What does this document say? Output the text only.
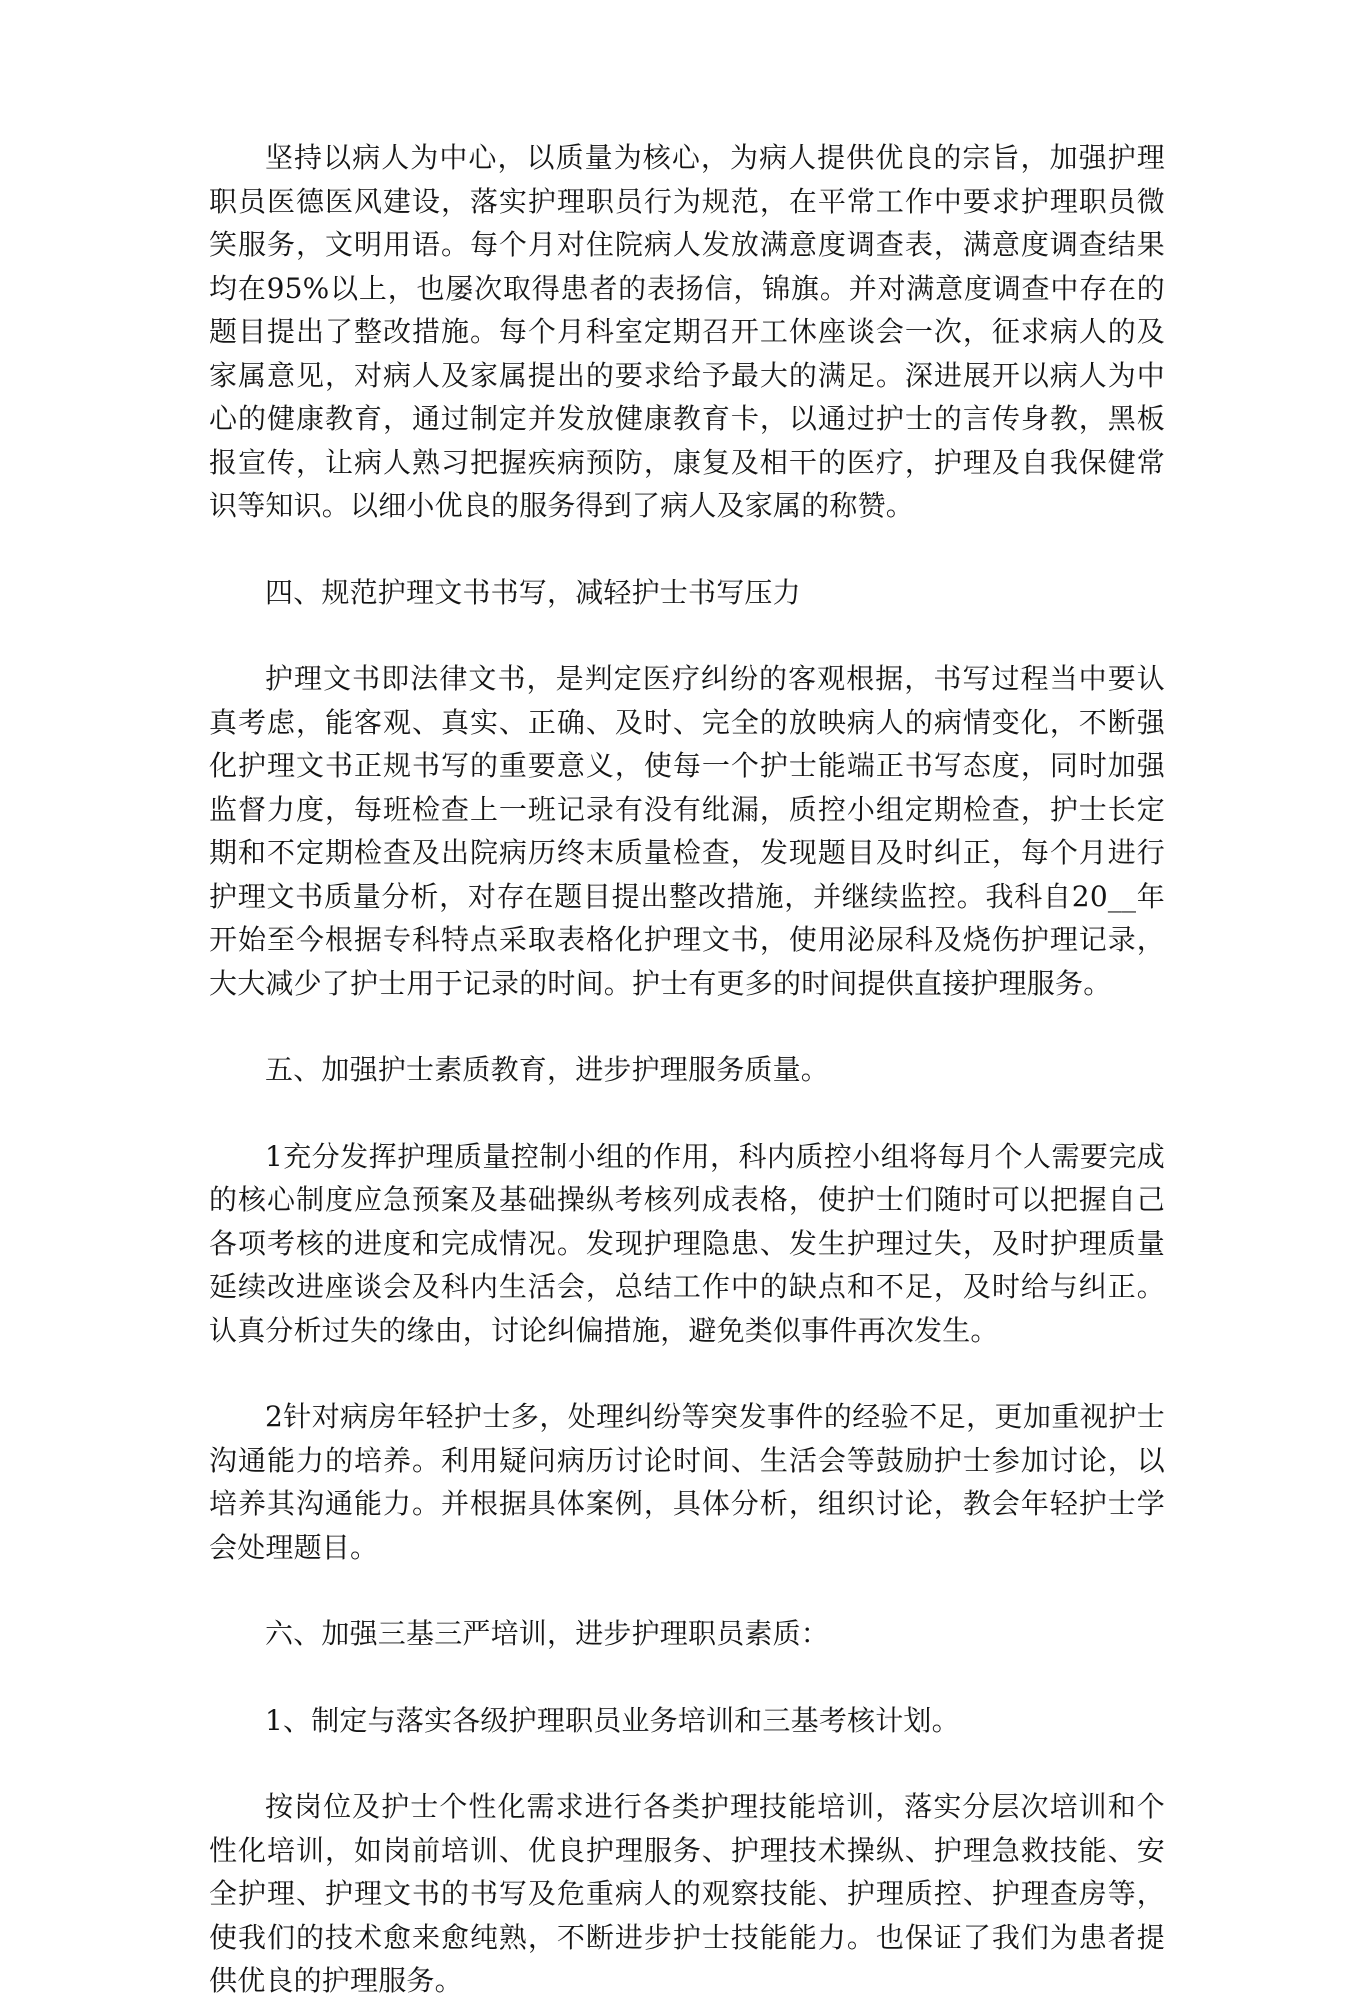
坚持以病人为中心，以质量为核心，为病人提供优良的宗旨，加强护理职员医德医风建设，落实护理职员行为规范，在平常工作中要求护理职员微笑服务，文明用语。每个月对住院病人发放满意度调查表，满意度调查结果均在95%以上，也屡次取得患者的表扬信，锦旗。并对满意度调查中存在的题目提出了整改措施。每个月科室定期召开工休座谈会一次，征求病人的及家属意见，对病人及家属提出的要求给予最大的满足。深进展开以病人为中心的健康教育，通过制定并发放健康教育卡，以通过护士的言传身教，黑板报宣传，让病人熟习把握疾病预防，康复及相干的医疗，护理及自我保健常识等知识。以细小优良的服务得到了病人及家属的称赞。

四、规范护理文书书写，减轻护士书写压力

护理文书即法律文书，是判定医疗纠纷的客观根据，书写过程当中要认真考虑，能客观、真实、正确、及时、完全的放映病人的病情变化，不断强化护理文书正规书写的重要意义，使每一个护士能端正书写态度，同时加强监督力度，每班检查上一班记录有没有纰漏，质控小组定期检查，护士长定期和不定期检查及出院病历终末质量检查，发现题目及时纠正，每个月进行护理文书质量分析，对存在题目提出整改措施，并继续监控。我科自20__年开始至今根据专科特点采取表格化护理文书，使用泌尿科及烧伤护理记录，大大减少了护士用于记录的时间。护士有更多的时间提供直接护理服务。

五、加强护士素质教育，进步护理服务质量。

1充分发挥护理质量控制小组的作用，科内质控小组将每月个人需要完成的核心制度应急预案及基础操纵考核列成表格，使护士们随时可以把握自己各项考核的进度和完成情况。发现护理隐患、发生护理过失，及时护理质量延续改进座谈会及科内生活会，总结工作中的缺点和不足，及时给与纠正。认真分析过失的缘由，讨论纠偏措施，避免类似事件再次发生。

2针对病房年轻护士多，处理纠纷等突发事件的经验不足，更加重视护士沟通能力的培养。利用疑问病历讨论时间、生活会等鼓励护士参加讨论，以培养其沟通能力。并根据具体案例，具体分析，组织讨论，教会年轻护士学会处理题目。

六、加强三基三严培训，进步护理职员素质：

1、制定与落实各级护理职员业务培训和三基考核计划。

按岗位及护士个性化需求进行各类护理技能培训，落实分层次培训和个性化培训，如岗前培训、优良护理服务、护理技术操纵、护理急救技能、安全护理、护理文书的书写及危重病人的观察技能、护理质控、护理查房等，使我们的技术愈来愈纯熟，不断进步护士技能能力。也保证了我们为患者提供优良的护理服务。
